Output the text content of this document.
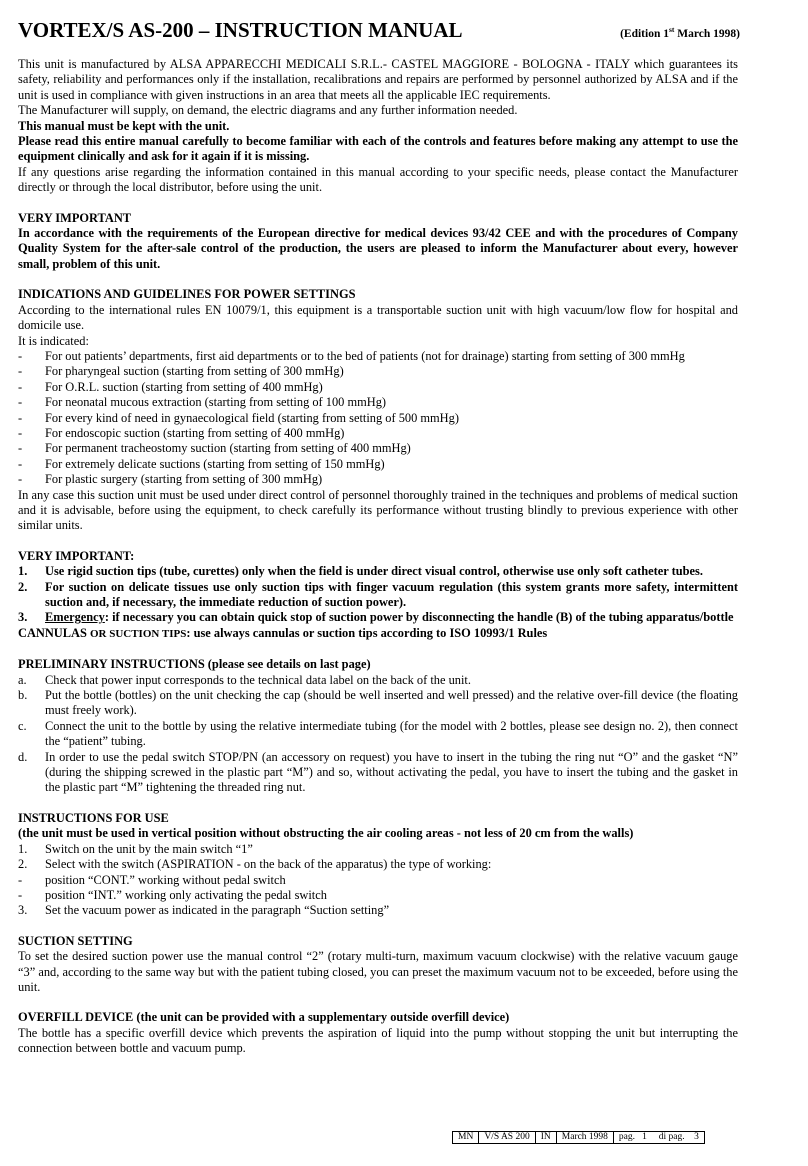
VORTEX/S AS-200 – INSTRUCTION MANUAL	(Edition 1st March 1998)

This unit is manufactured by ALSA APPARECCHI MEDICALI S.R.L.- CASTEL MAGGIORE - BOLOGNA - ITALY which guarantees its safety, reliability and performances only if the installation, recalibrations and repairs are performed by personnel authorized by ALSA and if the unit is used in compliance with given instructions in an area that meets all the applicable IEC requirements.

The Manufacturer will supply, on demand, the electric diagrams and any further information needed.

This manual must be kept with the unit.

Please read this entire manual carefully to become familiar with each of the controls and features before making any attempt to use the equipment clinically and ask for it again if it is missing.

If any questions arise regarding the information contained in this manual according to your specific needs, please contact the Manufacturer directly or through the local distributor, before using the unit.

VERY IMPORTANT

In accordance with the requirements of the European directive for medical devices 93/42 CEE and with the procedures of Company Quality System for the after-sale control of the production, the users are pleased to inform the Manufacturer about every, however small, problem of this unit.

INDICATIONS AND GUIDELINES FOR POWER SETTINGS

According to the international rules EN 10079/1, this equipment is a transportable suction unit with high vacuum/low flow for hospital and domicile use.

It is indicated:

-	For out patients’ departments, first aid departments or to the bed of patients (not for drainage) starting from setting of 300 mmHg
-	For pharyngeal suction (starting from setting of 300 mmHg)
-	For O.R.L. suction (starting from setting of 400 mmHg)
-	For neonatal mucous extraction (starting from setting of 100 mmHg)
-	For every kind of need in gynaecological field (starting from setting of 500 mmHg)
-	For endoscopic suction (starting from setting of 400 mmHg)
-	For permanent tracheostomy suction (starting from setting of 400 mmHg)
-	For extremely delicate suctions (starting from setting of 150 mmHg)
-	For plastic surgery (starting from setting of 300 mmHg)

In any case this suction unit must be used under direct control of personnel thoroughly trained in the techniques and problems of medical suction and it is advisable, before using the equipment, to check carefully its performance without trusting blindly to previous experience with other similar units.

VERY IMPORTANT:
1.	Use rigid suction tips (tube, curettes) only when the field is under direct visual control, otherwise use only soft catheter tubes.
2.	For suction on delicate tissues use only suction tips with finger vacuum regulation (this system grants more safety, intermittent suction and, if necessary, the immediate reduction of suction power).
3.	Emergency: if necessary you can obtain quick stop of suction power by disconnecting the handle (B) of the tubing apparatus/bottle

CANNULAS OR SUCTION TIPS: use always cannulas or suction tips according to ISO 10993/1 Rules

PRELIMINARY INSTRUCTIONS (please see details on last page)
a.	Check that power input corresponds to the technical data label on the back of the unit.
b.	Put the bottle (bottles) on the unit checking the cap (should be well inserted and well pressed) and the relative over-fill device (the floating must freely work).
c.	Connect the unit to the bottle by using the relative intermediate tubing (for the model with 2 bottles, please see design no. 2), then connect the “patient” tubing.
d.	In order to use the pedal switch STOP/PN (an accessory on request) you have to insert in the tubing the ring nut “O” and the gasket “N” (during the shipping screwed in the plastic part “M”) and so, without activating the pedal, you have to insert the tubing and the gasket in the plastic part “M” tightening the threaded ring nut.
INSTRUCTIONS FOR USE

(the unit must be used in vertical position without obstructing the air cooling areas - not less of 20 cm from the walls)

1.	Switch on the unit by the main switch “1”
2.	Select with the switch (ASPIRATION - on the back of the apparatus) the type of working:
-	position “CONT.” working without pedal switch
-	position “INT.” working only activating the pedal switch
3.	Set the vacuum power as indicated in the paragraph “Suction setting”
SUCTION SETTING

To set the desired suction power use the manual control “2” (rotary multi-turn, maximum vacuum clockwise) with the relative vacuum gauge “3” and, according to the same way but with the patient tubing closed, you can preset the maximum vacuum not to be exceeded, before using the unit.

OVERFILL DEVICE (the unit can be provided with a supplementary outside overfill device)

The bottle has a specific overfill device which prevents the aspiration of liquid into the pump without stopping the unit but interrupting the connection between bottle and vacuum pump.

MN	V/S AS 200	IN	March 1998	pag. 1 di pag. 3
